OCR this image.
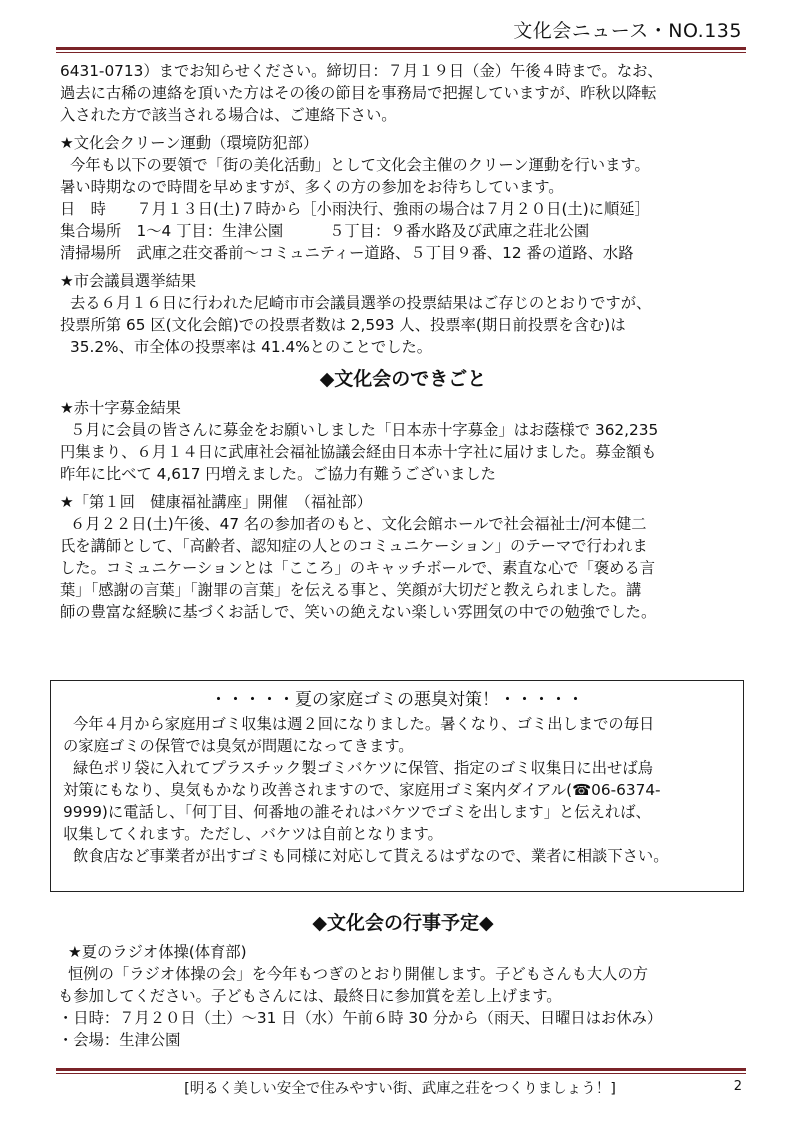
文化会ニュース・NO.135

6431-0713）までお知らせください。締切日：７月１９日（金）午後４時まで。なお、

過去に古稀の連絡を頂いた方はその後の節目を事務局で把握していますが、昨秋以降転

入された方で該当される場合は、ご連絡下さい。

★文化会クリーン運動（環境防犯部）

今年も以下の要領で「街の美化活動」として文化会主催のクリーン運動を行います。

暑い時期なので時間を早めますが、多くの方の参加をお待ちしています。

日　時　　７月１３日(土)７時から［小雨決行、強雨の場合は７月２０日(土)に順延］

集合場所　1～4 丁目：生津公園　　　５丁目：９番水路及び武庫之荘北公園

清掃場所　武庫之荘交番前～コミュニティー道路、５丁目９番、12 番の道路、水路

★市会議員選挙結果

去る６月１６日に行われた尼崎市市会議員選挙の投票結果はご存じのとおりですが、

投票所第 65 区(文化会館)での投票者数は 2,593 人、投票率(期日前投票を含む)は

35.2%、市全体の投票率は 41.4%とのことでした。

◆文化会のできごと

★赤十字募金結果

５月に会員の皆さんに募金をお願いしました「日本赤十字募金」はお蔭様で 362,235

円集まり、６月１４日に武庫社会福祉協議会経由日本赤十字社に届けました。募金額も

昨年に比べて 4,617 円増えました。ご協力有難うございました

★「第１回　健康福祉講座」開催　（福祉部）

６月２２日(土)午後、47 名の参加者のもと、文化会館ホールで社会福祉士/河本健二

氏を講師として、「高齢者、認知症の人とのコミュニケーション」のテーマで行われま

した。コミュニケーションとは「こころ」のキャッチボールで、素直な心で「褒める言

葉」「感謝の言葉」「謝罪の言葉」を伝える事と、笑顔が大切だと教えられました。講

師の豊富な経験に基づくお話しで、笑いの絶えない楽しい雰囲気の中での勉強でした。

・・・・・夏の家庭ゴミの悪臭対策！・・・・・

今年４月から家庭用ゴミ収集は週２回になりました。暑くなり、ゴミ出しまでの毎日

の家庭ゴミの保管では臭気が問題になってきます。

緑色ポリ袋に入れてプラスチック製ゴミバケツに保管、指定のゴミ収集日に出せば烏

対策にもなり、臭気もかなり改善されますので、家庭用ゴミ案内ダイアル(☎06-6374-

9999)に電話し、「何丁目、何番地の誰それはバケツでゴミを出します」と伝えれば、

収集してくれます。ただし、バケツは自前となります。

飲食店など事業者が出すゴミも同様に対応して貰えるはずなので、業者に相談下さい。

◆文化会の行事予定◆

★夏のラジオ体操(体育部)

恒例の「ラジオ体操の会」を今年もつぎのとおり開催します。子どもさんも大人の方

も参加してください。子どもさんには、最終日に参加賞を差し上げます。

・日時：７月２０日（土）～31 日（水）午前６時 30 分から（雨天、日曜日はお休み）

・会場：生津公園

[明るく美しい安全で住みやすい街、武庫之荘をつくりましょう！]	2
